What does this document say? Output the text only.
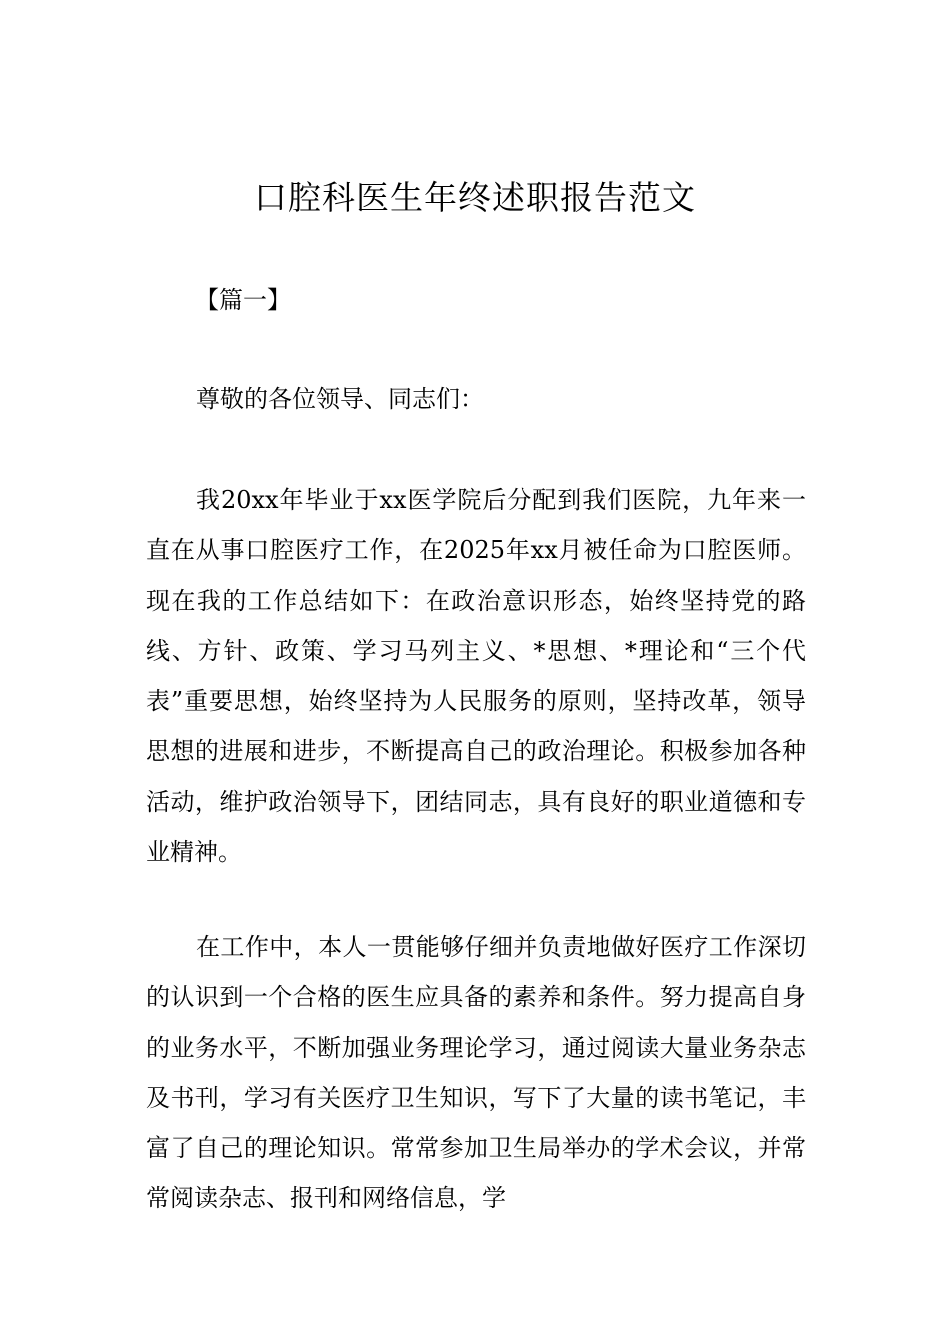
口腔科医生年终述职报告范文

【篇一】

尊敬的各位领导、同志们：

我20xx年毕业于xx医学院后分配到我们医院，九年来一直在从事口腔医疗工作，在2025年xx月被任命为口腔医师。现在我的工作总结如下：在政治意识形态，始终坚持党的路线、方针、政策、学习马列主义、*思想、*理论和“三个代表”重要思想，始终坚持为人民服务的原则，坚持改革，领导思想的进展和进步，不断提高自己的政治理论。积极参加各种活动，维护政治领导下，团结同志，具有良好的职业道德和专业精神。

在工作中，本人一贯能够仔细并负责地做好医疗工作深切的认识到一个合格的医生应具备的素养和条件。努力提高自身的业务水平，不断加强业务理论学习，通过阅读大量业务杂志及书刊，学习有关医疗卫生知识，写下了大量的读书笔记，丰富了自己的理论知识。常常参加卫生局举办的学术会议，并常常阅读杂志、报刊和网络信息，学
